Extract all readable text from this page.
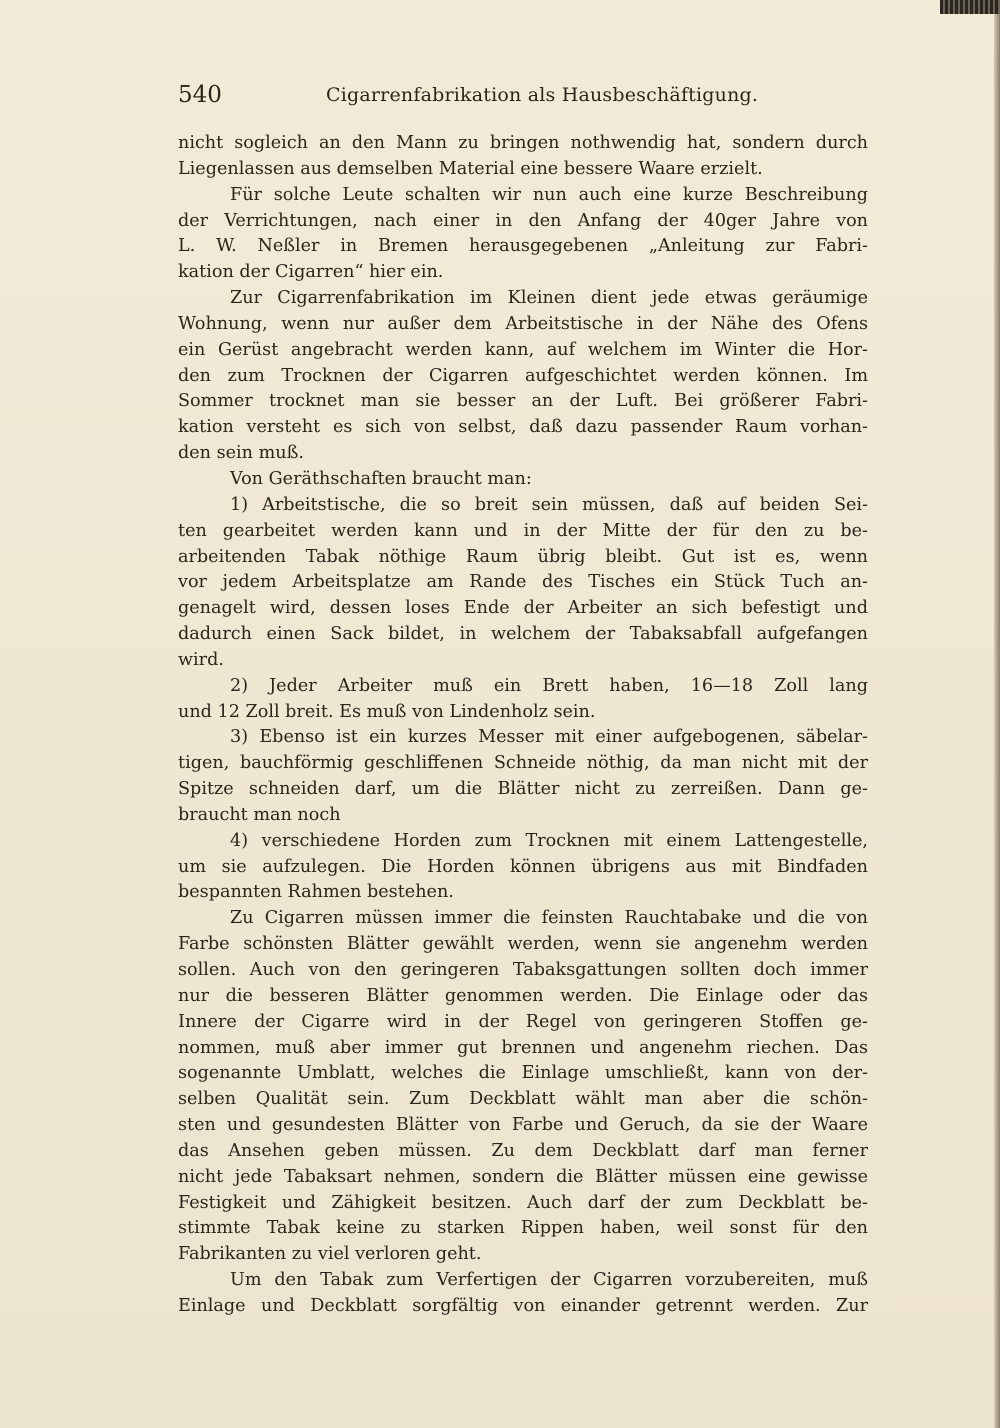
540	Cigarrenfabrikation als Hausbeschäftigung.
nicht sogleich an den Mann zu bringen nothwendig hat, sondern durch
Liegenlassen aus demselben Material eine bessere Waare erzielt.
Für solche Leute schalten wir nun auch eine kurze Beschreibung
der Verrichtungen, nach einer in den Anfang der 40ger Jahre von
L. W. Neßler in Bremen herausgegebenen „Anleitung zur Fabri-
kation der Cigarren“ hier ein.
Zur Cigarrenfabrikation im Kleinen dient jede etwas geräumige
Wohnung, wenn nur außer dem Arbeitstische in der Nähe des Ofens
ein Gerüst angebracht werden kann, auf welchem im Winter die Hor-
den zum Trocknen der Cigarren aufgeschichtet werden können. Im
Sommer trocknet man sie besser an der Luft. Bei größerer Fabri-
kation versteht es sich von selbst, daß dazu passender Raum vorhan-
den sein muß.
Von Geräthschaften braucht man:
1) Arbeitstische, die so breit sein müssen, daß auf beiden Sei-
ten gearbeitet werden kann und in der Mitte der für den zu be-
arbeitenden Tabak nöthige Raum übrig bleibt. Gut ist es, wenn
vor jedem Arbeitsplatze am Rande des Tisches ein Stück Tuch an-
genagelt wird, dessen loses Ende der Arbeiter an sich befestigt und
dadurch einen Sack bildet, in welchem der Tabaksabfall aufgefangen
wird.
2) Jeder Arbeiter muß ein Brett haben, 16—18 Zoll lang
und 12 Zoll breit. Es muß von Lindenholz sein.
3) Ebenso ist ein kurzes Messer mit einer aufgebogenen, säbelar-
tigen, bauchförmig geschliffenen Schneide nöthig, da man nicht mit der
Spitze schneiden darf, um die Blätter nicht zu zerreißen. Dann ge-
braucht man noch
4) verschiedene Horden zum Trocknen mit einem Lattengestelle,
um sie aufzulegen. Die Horden können übrigens aus mit Bindfaden
bespannten Rahmen bestehen.
Zu Cigarren müssen immer die feinsten Rauchtabake und die von
Farbe schönsten Blätter gewählt werden, wenn sie angenehm werden
sollen. Auch von den geringeren Tabaksgattungen sollten doch immer
nur die besseren Blätter genommen werden. Die Einlage oder das
Innere der Cigarre wird in der Regel von geringeren Stoffen ge-
nommen, muß aber immer gut brennen und angenehm riechen. Das
sogenannte Umblatt, welches die Einlage umschließt, kann von der-
selben Qualität sein. Zum Deckblatt wählt man aber die schön-
sten und gesundesten Blätter von Farbe und Geruch, da sie der Waare
das Ansehen geben müssen. Zu dem Deckblatt darf man ferner
nicht jede Tabaksart nehmen, sondern die Blätter müssen eine gewisse
Festigkeit und Zähigkeit besitzen. Auch darf der zum Deckblatt be-
stimmte Tabak keine zu starken Rippen haben, weil sonst für den
Fabrikanten zu viel verloren geht.
Um den Tabak zum Verfertigen der Cigarren vorzubereiten, muß
Einlage und Deckblatt sorgfältig von einander getrennt werden. Zur
